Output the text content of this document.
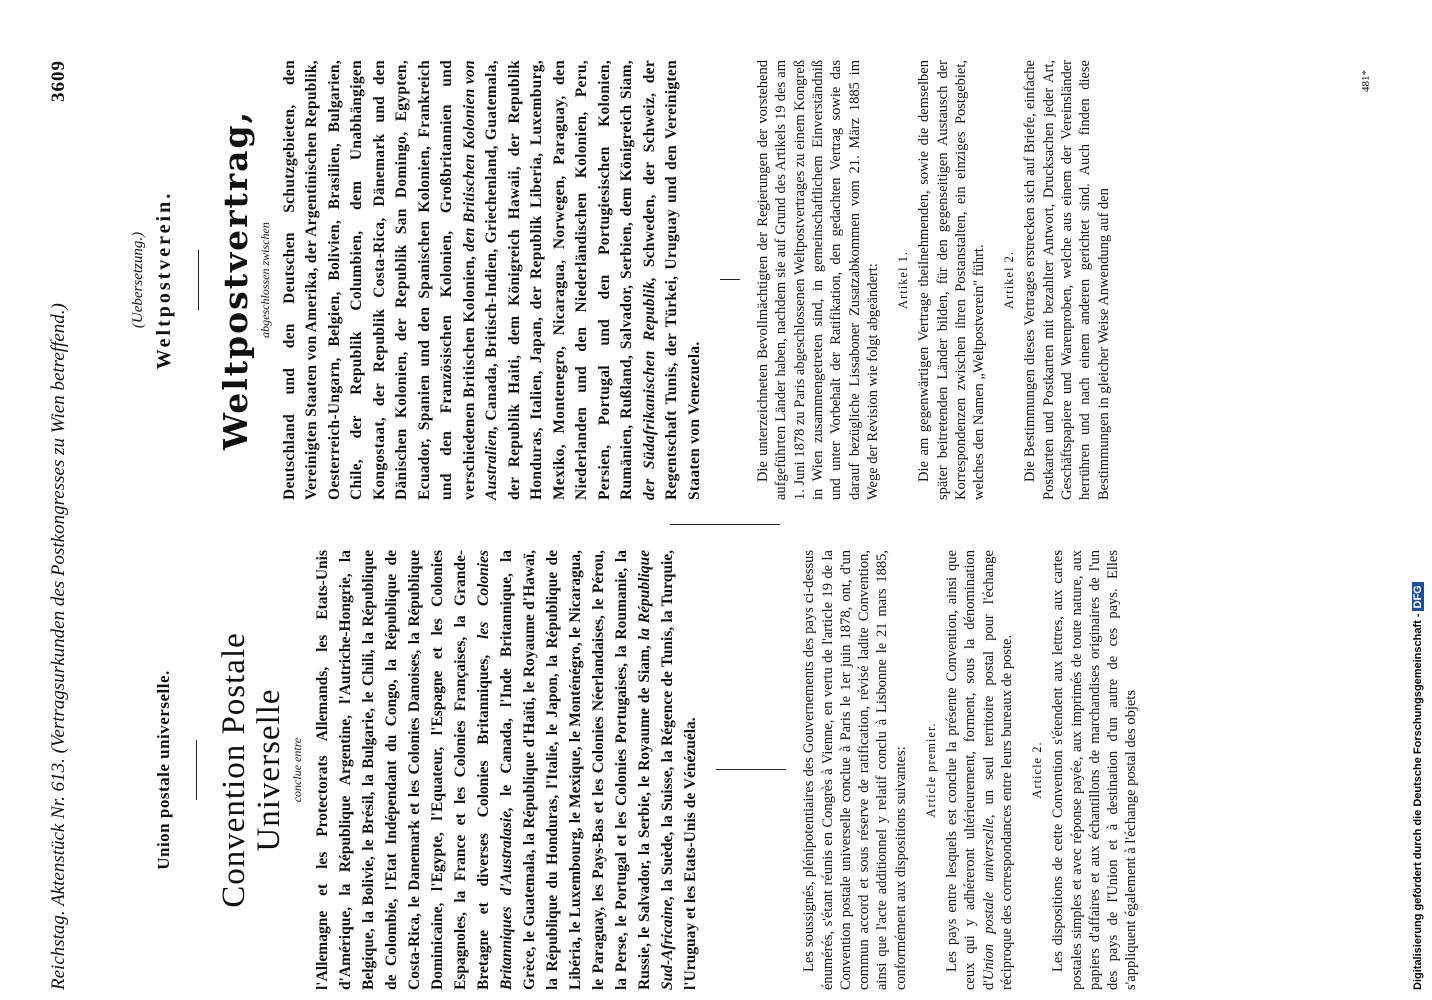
Reichstag. Aktenstück Nr. 613. (Vertragsurkunden des Postkongresses zu Wien betreffend.)
3609
Union postale universelle. Convention Postale Universelle conclue entre l'Allemagne et les Protectorats Allemands, les Etats-Unis d'Amérique, la République Argentine, l'Autriche-Hongrie, la Belgique, la Bolivie, le Brésil, la Bulgarie, le Chili, la République de Colombie, l'Etat Indépendant du Congo, la République de Costa-Rica, le Danemark et les Colonies Danoises, la République Dominicaine, l'Egypte, l'Equateur, l'Espagne et les Colonies Espagnoles, la France et les Colonies Françaises, la Grande-Bretagne et diverses Colonies Britanniques, les Colonies Britanniques d'Australasie, le Canada, l'Inde Britannique, la Grèce, le Guatemala, la République d'Haïti, le Royaume d'Hawaï, la République du Honduras, l'Italie, le Japon, la République de Libéria, le Luxembourg, le Mexique, le Monténégro, le Nicaragua, le Paraguay, les Pays-Bas et les Colonies Néerlandaises, le Pérou, la Perse, le Portugal et les Colonies Portugaises, la Roumanie, la Russie, le Salvador, la Serbie, le Royaume de Siam, la République Sud-Africaine, la Suède, la Suisse, la Régence de Tunis, la Turquie, l'Uruguay et les Etats-Unis de Vénézuéla.	Les soussignés, plénipotentiaires des Gouvernements des pays ci-dessus énumérés, s'étant réunis en Congrès à Vienne, en vertu de l'article 19 de la Convention postale universelle conclue à Paris le 1er juin 1878, ont, d'un commun accord et sous réserve de ratification, révisé ladite Convention, ainsi que l'acte additionnel y relatif conclu à Lisbonne le 21 mars 1885, conformément aux dispositions suivantes: Article premier. Les pays entre lesquels est conclue la présente Convention, ainsi que ceux qui y adhéreront ultérieurement, forment, sous la dénomination d'Union postale universelle, un seul territoire postal pour l'échange réciproque des correspondances entre leurs bureaux de poste. Article 2. Les dispositions de cette Convention s'étendent aux lettres, aux cartes postales simples et avec réponse payée, aux imprimés de toute nature, aux papiers d'affaires et aux échantillons de marchandises originaires de l'un des pays de l'Union et à destination d'un autre de ces pays. Elles s'appliquent également à l'échange postal des objets

(Uebersetzung.) Weltpostverein. Weltpostvertrag, abgeschlossen zwischen Deutschland und den Deutschen Schutzgebieten, den Vereinigten Staaten von Amerika, der Argentinischen Republik, Oesterreich-Ungarn, Belgien, Bolivien, Brasilien, Bulgarien, Chile, der Republik Columbien, dem Unabhängigen Kongostaat, der Republik Costa-Rica, Dänemark und den Dänischen Kolonien, der Republik San Domingo, Egypten, Ecuador, Spanien und den Spanischen Kolonien, Frankreich und den Französischen Kolonien, Großbritannien und verschiedenen Britischen Kolonien, den Britischen Kolonien von Australien, Canada, Britisch-Indien, Griechenland, Guatemala, der Republik Haiti, dem Königreich Hawaii, der Republik Honduras, Italien, Japan, der Republik Liberia, Luxemburg, Mexiko, Montenegro, Nicaragua, Norwegen, Paraguay, den Niederlanden und den Niederländischen Kolonien, Peru, Persien, Portugal und den Portugiesischen Kolonien, Rumänien, Rußland, Salvador, Serbien, dem Königreich Siam, der Südafrikanischen Republik, Schweden, der Schweiz, der Regentschaft Tunis, der Türkei, Uruguay und den Vereinigten Staaten von Venezuela.	Die unterzeichneten Bevollmächtigten der Regierungen der vorstehend aufgeführten Länder haben, nachdem sie auf Grund des Artikels 19 des am 1. Juni 1878 zu Paris abgeschlossenen Weltpostvertrages zu einem Kongreß in Wien zusammengetreten sind, in gemeinschaftlichem Einverständniß und unter Vorbehalt der Ratifikation, den gedachten Vertrag sowie das darauf bezügliche Lissaboner Zusatzabkommen vom 21. März 1885 im Wege der Revision wie folgt abgeändert: Artikel 1. Die am gegenwärtigen Vertrage theilnehmenden, sowie die demselben später beitretenden Länder bilden, für den gegenseitigen Austausch der Korrespondenzen zwischen ihren Postanstalten, ein einziges Postgebiet, welches den Namen „Weltpostverein" führt. Artikel 2. Die Bestimmungen dieses Vertrages erstrecken sich auf Briefe, einfache Postkarten und Postkarten mit bezahlter Antwort, Drucksachen jeder Art, Geschäftspapiere und Warenproben, welche aus einem der Vereinsländer herrühren und nach einem anderen gerichtet sind. Auch finden diese Bestimmungen in gleicher Weise Anwendung auf den

481*
Digitalisierung gefördert durch die Deutsche Forschungsgemeinschaft -DFG
